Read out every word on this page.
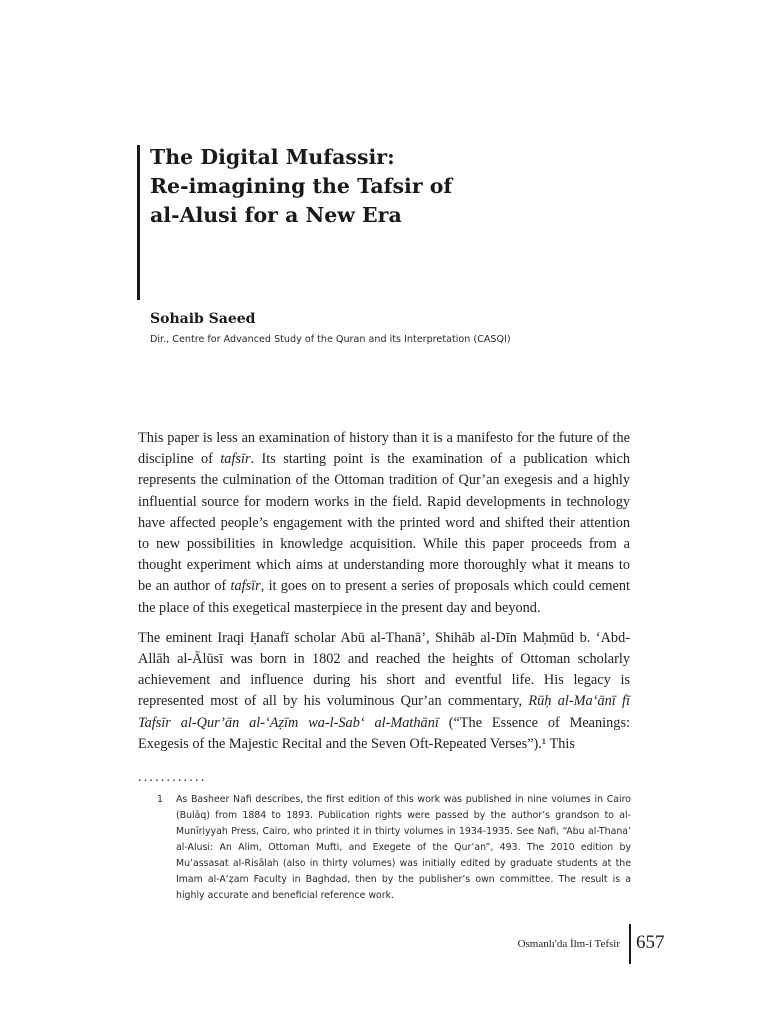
The Digital Mufassir:
Re-imagining the Tafsir of
al-Alusi for a New Era
Sohaib Saeed
Dir., Centre for Advanced Study of the Quran and its Interpretation (CASQI)

This paper is less an examination of history than it is a manifesto for the future of the discipline of tafsīr. Its starting point is the examination of a publication which represents the culmination of the Ottoman tradition of Qur’an exegesis and a highly influential source for modern works in the field. Rapid developments in technology have affected people’s engagement with the printed word and shifted their attention to new possibilities in knowledge acquisition. While this paper proceeds from a thought experiment which aims at understanding more thoroughly what it means to be an author of tafsīr, it goes on to present a series of proposals which could cement the place of this exegetical masterpiece in the present day and beyond.

The eminent Iraqi Ḥanafī scholar Abū al-Thanā’, Shihāb al-Dīn Maḥmūd b. ‘Abd-Allāh al-Ālūsī was born in 1802 and reached the heights of Ottoman scholarly achievement and influence during his short and eventful life. His legacy is represented most of all by his voluminous Qur’an commentary, Rūḥ al-Ma‘ānī fī Tafsīr al-Qur’ān al-‘Aẓīm wa-l-Sab‘ al-Mathānī (“The Essence of Meanings: Exegesis of the Majestic Recital and the Seven Oft-Repeated Verses”).¹ This

............
1 As Basheer Nafi describes, the first edition of this work was published in nine volumes in Cairo (Bulāq) from 1884 to 1893. Publication rights were passed by the author’s grandson to al-Munīriyyah Press, Cairo, who printed it in thirty volumes in 1934-1935. See Nafi, “Abu al-Thana’ al-Alusi: An Alim, Ottoman Mufti, and Exegete of the Qur’an”, 493. The 2010 edition by Mu’assasat al-Risālah (also in thirty volumes) was initially edited by graduate students at the Imam al-A‘ẓam Faculty in Baghdad, then by the publisher’s own committee. The result is a highly accurate and beneficial reference work.
Osmanlı'da İlm-i Tefsir 657
